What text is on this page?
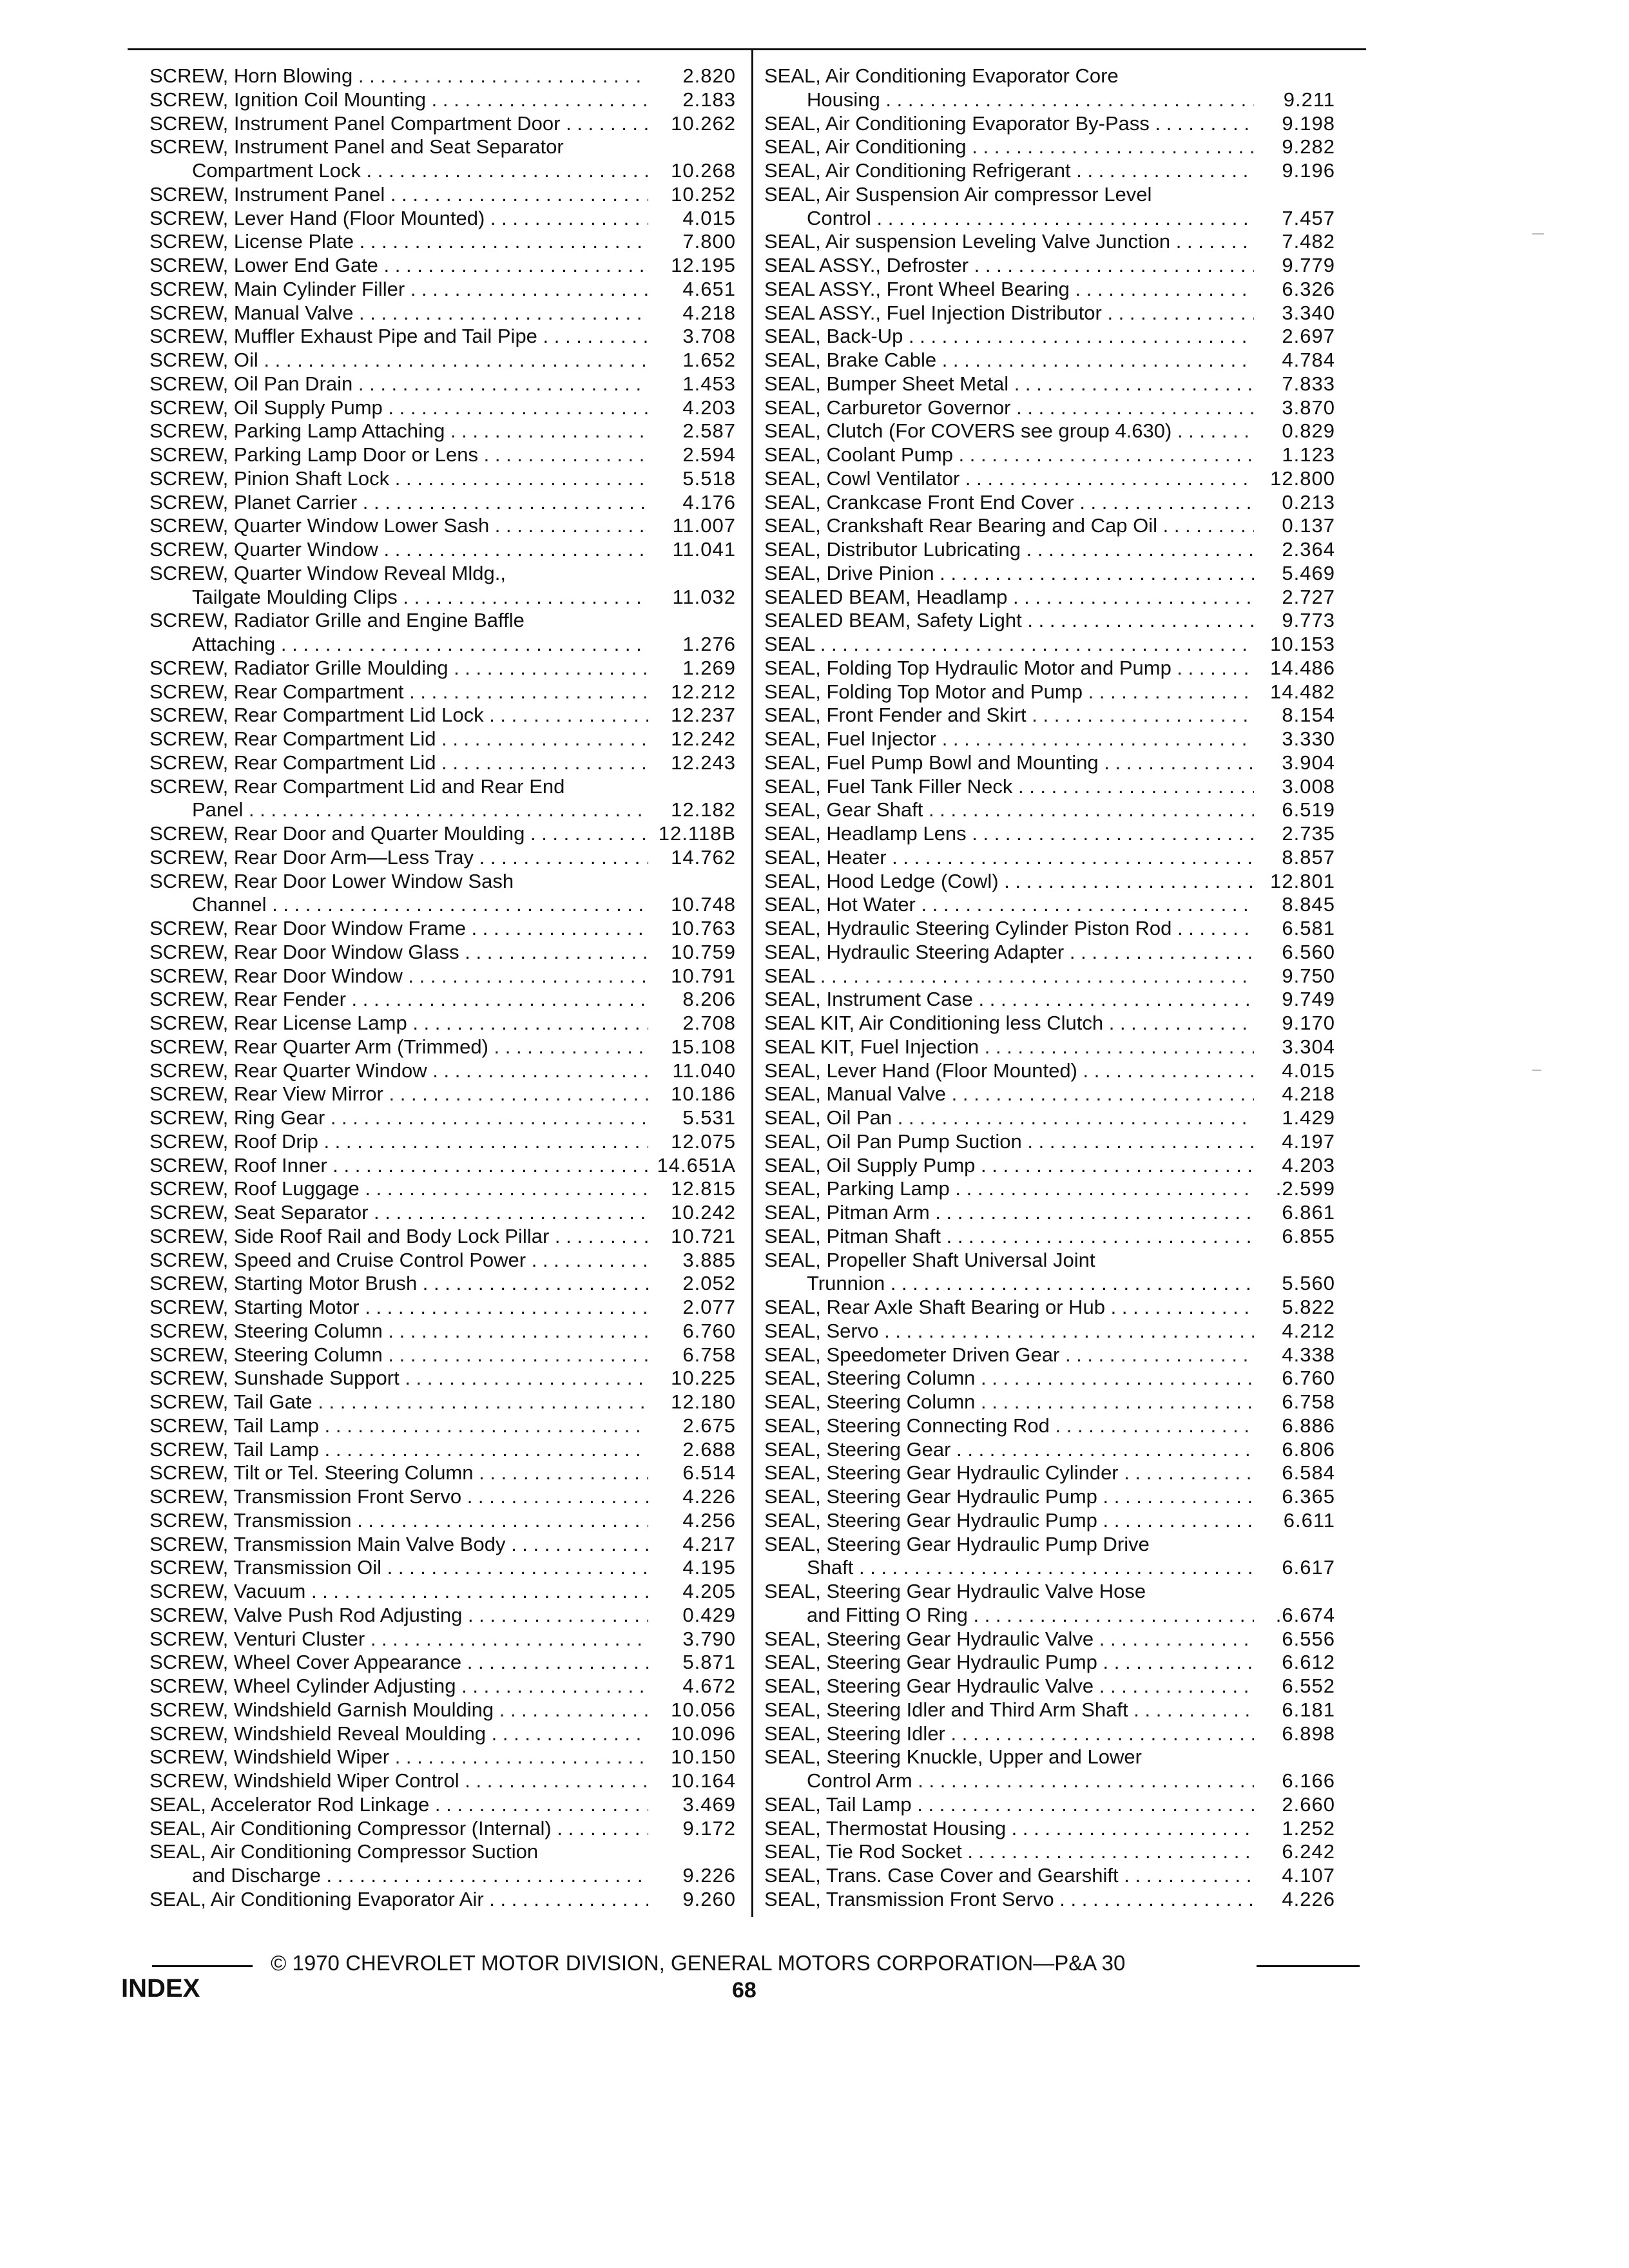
SCREW, Horn Blowing . . .	2.820
SCREW, Ignition Coil Mounting . . .	2.183
SCREW, Instrument Panel Compartment Door . . .	10.262
SCREW, Instrument Panel and Seat Separator
Compartment Lock . . .	10.268
SCREW, Instrument Panel . . .	10.252
SCREW, Lever Hand (Floor Mounted) . . .	4.015
SCREW, License Plate . . .	7.800
SCREW, Lower End Gate . . .	12.195
SCREW, Main Cylinder Filler . . .	4.651
SCREW, Manual Valve . . .	4.218
SCREW, Muffler Exhaust Pipe and Tail Pipe . . .	3.708
SCREW, Oil . . .	1.652
SCREW, Oil Pan Drain . . .	1.453
SCREW, Oil Supply Pump . . .	4.203
SCREW, Parking Lamp Attaching . . .	2.587
SCREW, Parking Lamp Door or Lens . . .	2.594
SCREW, Pinion Shaft Lock . . .	5.518
SCREW, Planet Carrier . . .	4.176
SCREW, Quarter Window Lower Sash . . .	11.007
SCREW, Quarter Window . . .	11.041
SCREW, Quarter Window Reveal Mldg.,
Tailgate Moulding Clips . . .	11.032
SCREW, Radiator Grille and Engine Baffle
Attaching . . .	1.276
SCREW, Radiator Grille Moulding . . .	1.269
SCREW, Rear Compartment . . .	12.212
SCREW, Rear Compartment Lid Lock . . .	12.237
SCREW, Rear Compartment Lid . . .	12.242
SCREW, Rear Compartment Lid . . .	12.243
SCREW, Rear Compartment Lid and Rear End
Panel . . .	12.182
SCREW, Rear Door and Quarter Moulding . . .	12.118B
SCREW, Rear Door Arm—Less Tray . . .	14.762
SCREW, Rear Door Lower Window Sash
Channel . . .	10.748
SCREW, Rear Door Window Frame . . .	10.763
SCREW, Rear Door Window Glass . . .	10.759
SCREW, Rear Door Window . . .	10.791
SCREW, Rear Fender . . .	8.206
SCREW, Rear License Lamp . . .	2.708
SCREW, Rear Quarter Arm (Trimmed) . . .	15.108
SCREW, Rear Quarter Window . . .	11.040
SCREW, Rear View Mirror . . .	10.186
SCREW, Ring Gear . . .	5.531
SCREW, Roof Drip . . .	12.075
SCREW, Roof Inner . . .	14.651A
SCREW, Roof Luggage . . .	12.815
SCREW, Seat Separator . . .	10.242
SCREW, Side Roof Rail and Body Lock Pillar . . .	10.721
SCREW, Speed and Cruise Control Power . . .	3.885
SCREW, Starting Motor Brush . . .	2.052
SCREW, Starting Motor . . .	2.077
SCREW, Steering Column . . .	6.760
SCREW, Steering Column . . .	6.758
SCREW, Sunshade Support . . .	10.225
SCREW, Tail Gate . . .	12.180
SCREW, Tail Lamp . . .	2.675
SCREW, Tail Lamp . . .	2.688
SCREW, Tilt or Tel. Steering Column . . .	6.514
SCREW, Transmission Front Servo . . .	4.226
SCREW, Transmission . . .	4.256
SCREW, Transmission Main Valve Body . . .	4.217
SCREW, Transmission Oil . . .	4.195
SCREW, Vacuum . . .	4.205
SCREW, Valve Push Rod Adjusting . . .	0.429
SCREW, Venturi Cluster . . .	3.790
SCREW, Wheel Cover Appearance . . .	5.871
SCREW, Wheel Cylinder Adjusting . . .	4.672
SCREW, Windshield Garnish Moulding . . .	10.056
SCREW, Windshield Reveal Moulding . . .	10.096
SCREW, Windshield Wiper . . .	10.150
SCREW, Windshield Wiper Control . . .	10.164
SEAL, Accelerator Rod Linkage . . .	3.469
SEAL, Air Conditioning Compressor (Internal) . . .	9.172
SEAL, Air Conditioning Compressor Suction
and Discharge . . .	9.226
SEAL, Air Conditioning Evaporator Air . . .	9.260
SEAL, Air Conditioning Evaporator Core
Housing . . .	9.211
SEAL, Air Conditioning Evaporator By-Pass . . .	9.198
SEAL, Air Conditioning . . .	9.282
SEAL, Air Conditioning Refrigerant . . .	9.196
SEAL, Air Suspension Air compressor Level
Control . . .	7.457
SEAL, Air suspension Leveling Valve Junction . . .	7.482
SEAL ASSY., Defroster . . .	9.779
SEAL ASSY., Front Wheel Bearing . . .	6.326
SEAL ASSY., Fuel Injection Distributor . . .	3.340
SEAL, Back-Up . . .	2.697
SEAL, Brake Cable . . .	4.784
SEAL, Bumper Sheet Metal . . .	7.833
SEAL, Carburetor Governor . . .	3.870
SEAL, Clutch (For COVERS see group 4.630) . . .	0.829
SEAL, Coolant Pump . . .	1.123
SEAL, Cowl Ventilator . . .	12.800
SEAL, Crankcase Front End Cover . . .	0.213
SEAL, Crankshaft Rear Bearing and Cap Oil . . .	0.137
SEAL, Distributor Lubricating . . .	2.364
SEAL, Drive Pinion . . .	5.469
SEALED BEAM, Headlamp . . .	2.727
SEALED BEAM, Safety Light . . .	9.773
SEAL . . .	10.153
SEAL, Folding Top Hydraulic Motor and Pump . . .	14.486
SEAL, Folding Top Motor and Pump . . .	14.482
SEAL, Front Fender and Skirt . . .	8.154
SEAL, Fuel Injector . . .	3.330
SEAL, Fuel Pump Bowl and Mounting . . .	3.904
SEAL, Fuel Tank Filler Neck . . .	3.008
SEAL, Gear Shaft . . .	6.519
SEAL, Headlamp Lens . . .	2.735
SEAL, Heater . . .	8.857
SEAL, Hood Ledge (Cowl) . . .	12.801
SEAL, Hot Water . . .	8.845
SEAL, Hydraulic Steering Cylinder Piston Rod . . .	6.581
SEAL, Hydraulic Steering Adapter . . .	6.560
SEAL . . .	9.750
SEAL, Instrument Case . . .	9.749
SEAL KIT, Air Conditioning less Clutch . . .	9.170
SEAL KIT, Fuel Injection . . .	3.304
SEAL, Lever Hand (Floor Mounted) . . .	4.015
SEAL, Manual Valve . . .	4.218
SEAL, Oil Pan . . .	1.429
SEAL, Oil Pan Pump Suction . . .	4.197
SEAL, Oil Supply Pump . . .	4.203
SEAL, Parking Lamp . . .	.2.599
SEAL, Pitman Arm . . .	6.861
SEAL, Pitman Shaft . . .	6.855
SEAL, Propeller Shaft Universal Joint
Trunnion . . .	5.560
SEAL, Rear Axle Shaft Bearing or Hub . . .	5.822
SEAL, Servo . . .	4.212
SEAL, Speedometer Driven Gear . . .	4.338
SEAL, Steering Column . . .	6.760
SEAL, Steering Column . . .	6.758
SEAL, Steering Connecting Rod . . .	6.886
SEAL, Steering Gear . . .	6.806
SEAL, Steering Gear Hydraulic Cylinder . . .	6.584
SEAL, Steering Gear Hydraulic Pump . . .	6.365
SEAL, Steering Gear Hydraulic Pump . . .	6.611
SEAL, Steering Gear Hydraulic Pump Drive
Shaft . . .	6.617
SEAL, Steering Gear Hydraulic Valve Hose
and Fitting O Ring . . .	.6.674
SEAL, Steering Gear Hydraulic Valve . . .	6.556
SEAL, Steering Gear Hydraulic Pump . . .	6.612
SEAL, Steering Gear Hydraulic Valve . . .	6.552
SEAL, Steering Idler and Third Arm Shaft . . .	6.181
SEAL, Steering Idler . . .	6.898
SEAL, Steering Knuckle, Upper and Lower
Control Arm . . .	6.166
SEAL, Tail Lamp . . .	2.660
SEAL, Thermostat Housing . . .	1.252
SEAL, Tie Rod Socket . . .	6.242
SEAL, Trans. Case Cover and Gearshift . . .	4.107
SEAL, Transmission Front Servo . . .	4.226
© 1970 CHEVROLET MOTOR DIVISION, GENERAL MOTORS CORPORATION—P&A 30
INDEX	68
